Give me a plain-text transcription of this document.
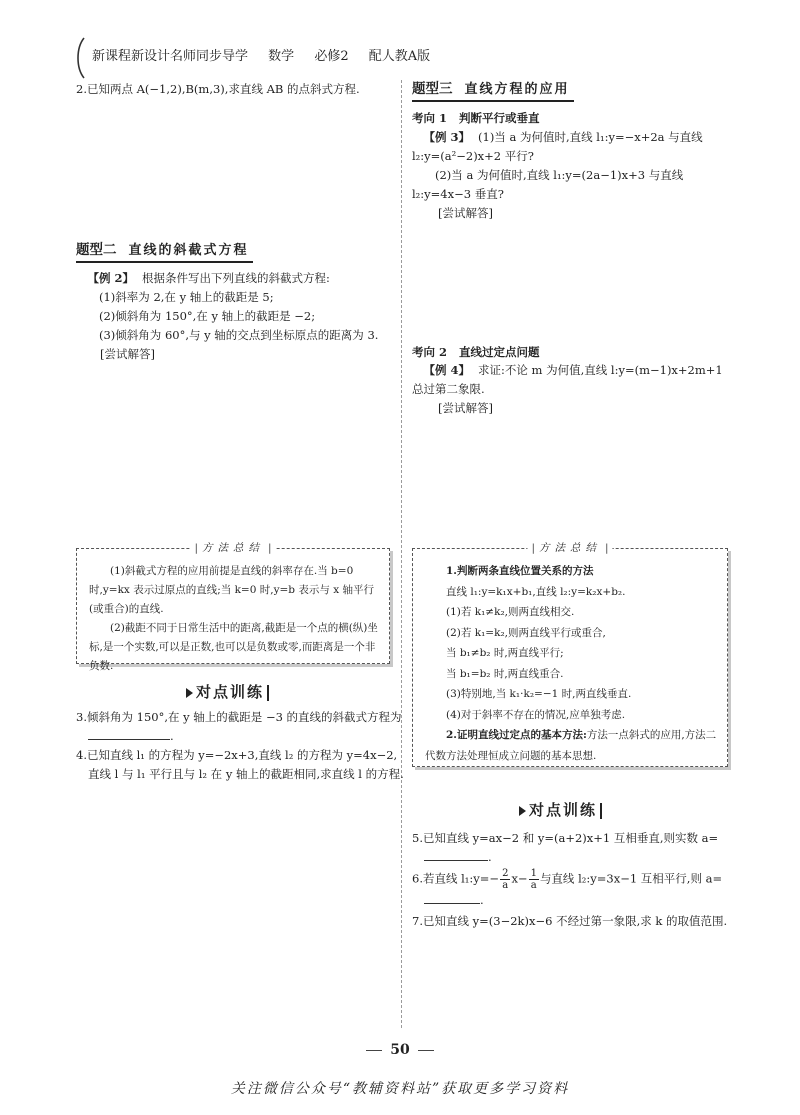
新课程新设计名师同步导学 数学 必修2 配人教A版

2.已知两点 A(−1,2),B(m,3),求直线 AB 的点斜式方程.

题型二 直线的斜截式方程

【例 2】 根据条件写出下列直线的斜截式方程:

(1)斜率为 2,在 y 轴上的截距是 5;

(2)倾斜角为 150°,在 y 轴上的截距是 −2;

(3)倾斜角为 60°,与 y 轴的交点到坐标原点的距离为 3.

[尝试解答]

| 方法总结 |

(1)斜截式方程的应用前提是直线的斜率存在.当 b=0 时,y=kx 表示过原点的直线;当 k=0 时,y=b 表示与 x 轴平行(或重合)的直线.

(2)截距不同于日常生活中的距离,截距是一个点的横(纵)坐标,是一个实数,可以是正数,也可以是负数或零,而距离是一个非负数.

对点训练

3.倾斜角为 150°,在 y 轴上的截距是 −3 的直线的斜截式方程为.

4.已知直线 l₁ 的方程为 y=−2x+3,直线 l₂ 的方程为 y=4x−2,直线 l 与 l₁ 平行且与 l₂ 在 y 轴上的截距相同,求直线 l 的方程.

题型三 直线方程的应用
考向 1 判断平行或垂直

【例 3】 (1)当 a 为何值时,直线 l₁:y=−x+2a 与直线 l₂:y=(a²−2)x+2 平行?

(2)当 a 为何值时,直线 l₁:y=(2a−1)x+3 与直线 l₂:y=4x−3 垂直?

[尝试解答]

考向 2 直线过定点问题

【例 4】 求证:不论 m 为何值,直线 l:y=(m−1)x+2m+1 总过第二象限.

[尝试解答]

| 方法总结 |

1.判断两条直线位置关系的方法

直线 l₁:y=k₁x+b₁,直线 l₂:y=k₂x+b₂.

(1)若 k₁≠k₂,则两直线相交.

(2)若 k₁=k₂,则两直线平行或重合,

当 b₁≠b₂ 时,两直线平行;

当 b₁=b₂ 时,两直线重合.

(3)特别地,当 k₁·k₂=−1 时,两直线垂直.

(4)对于斜率不存在的情况,应单独考虑.

2.证明直线过定点的基本方法:方法一点斜式的应用,方法二代数方法处理恒成立问题的基本思想.

对点训练

5.已知直线 y=ax−2 和 y=(a+2)x+1 互相垂直,则实数 a=.

6.若直线 l₁:y=− $\frac{2}{a} x- \frac{1}{a}$ 与直线 l₂:y=3x−1 互相平行,则 a=.

7.已知直线 y=(3−2k)x−6 不经过第一象限,求 k 的取值范围.

50
关注微信公众号“教辅资料站”获取更多学习资料
